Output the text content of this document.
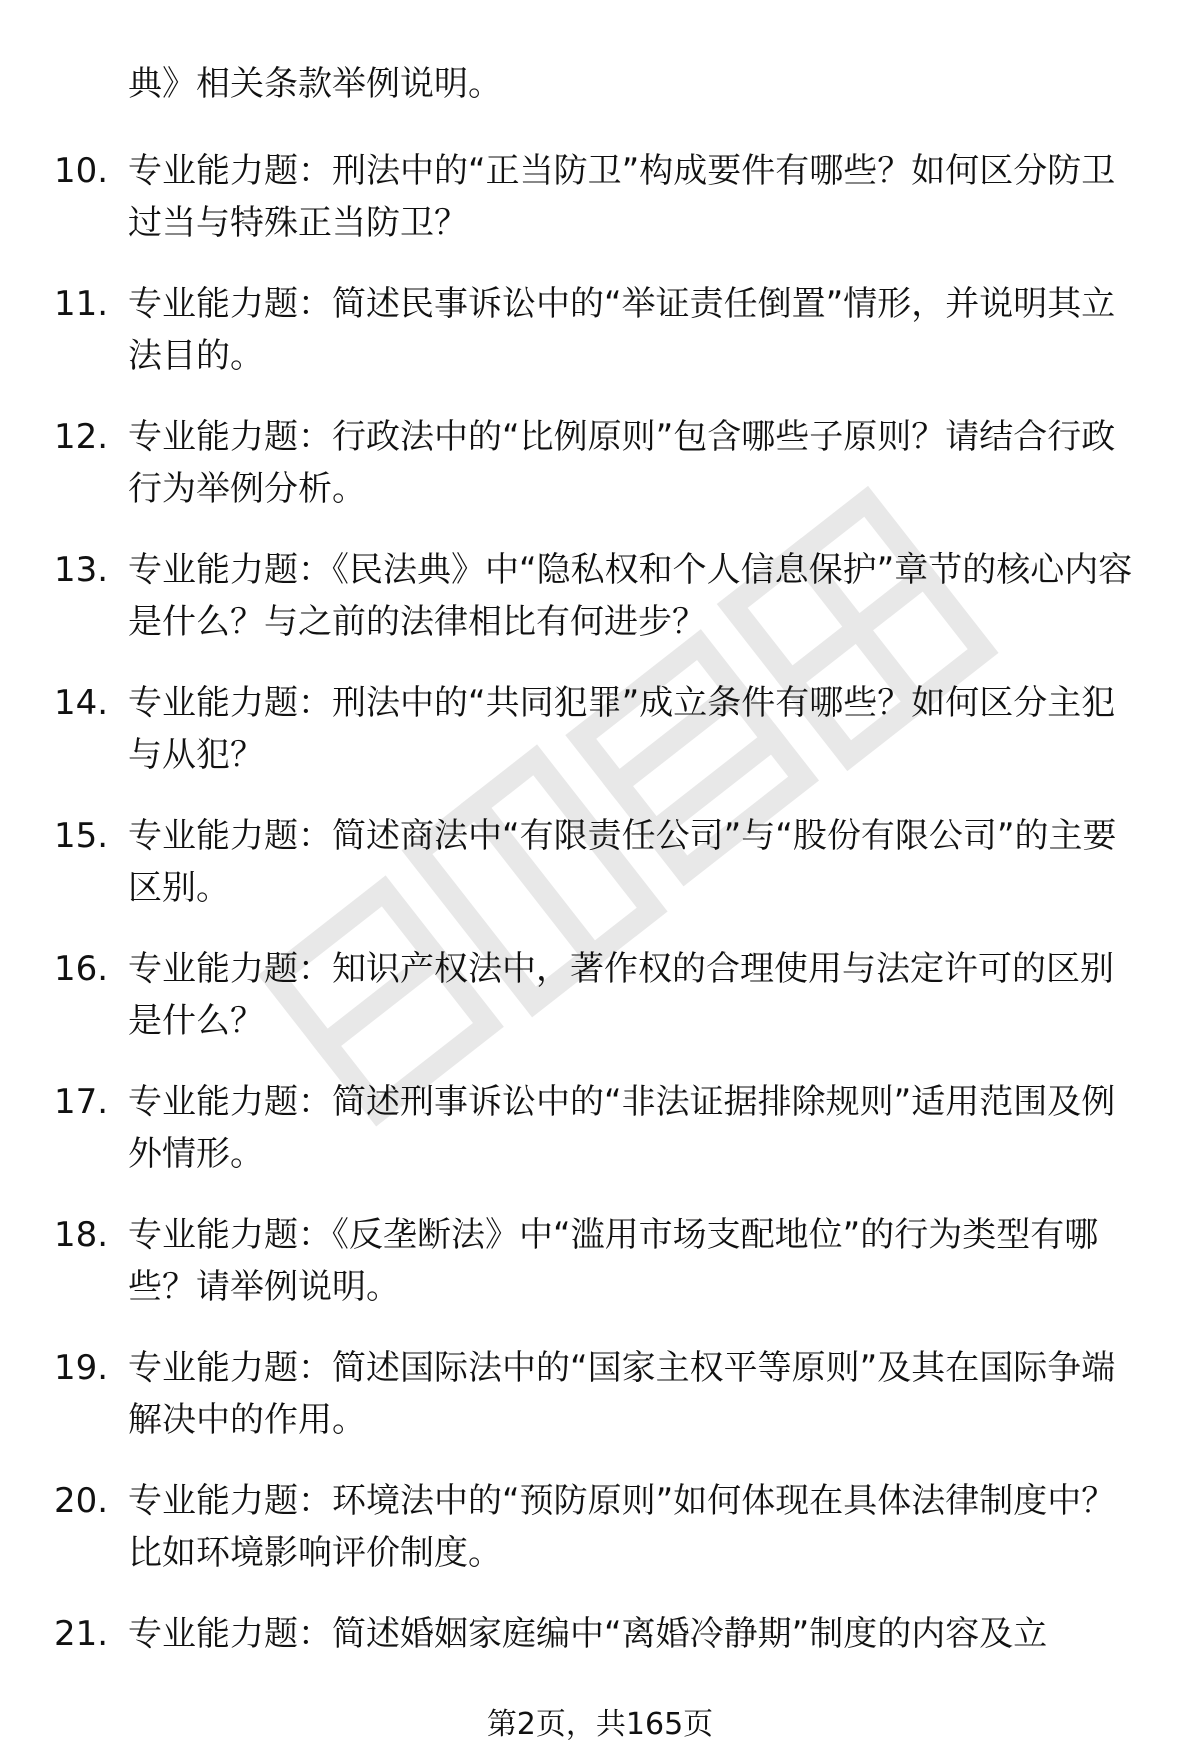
典》相关条款举例说明。
10. 专业能力题：刑法中的“正当防卫”构成要件有哪些？如何区分防卫过当与特殊正当防卫？
11. 专业能力题：简述民事诉讼中的“举证责任倒置”情形，并说明其立法目的。
12. 专业能力题：行政法中的“比例原则”包含哪些子原则？请结合行政行为举例分析。
13. 专业能力题：《民法典》中“隐私权和个人信息保护”章节的核心内容是什么？与之前的法律相比有何进步？
14. 专业能力题：刑法中的“共同犯罪”成立条件有哪些？如何区分主犯与从犯？
15. 专业能力题：简述商法中“有限责任公司”与“股份有限公司”的主要区别。
16. 专业能力题：知识产权法中，著作权的合理使用与法定许可的区别是什么？
17. 专业能力题：简述刑事诉讼中的“非法证据排除规则”适用范围及例外情形。
18. 专业能力题：《反垄断法》中“滥用市场支配地位”的行为类型有哪些？请举例说明。
19. 专业能力题：简述国际法中的“国家主权平等原则”及其在国际争端解决中的作用。
20. 专业能力题：环境法中的“预防原则”如何体现在具体法律制度中？比如环境影响评价制度。
21. 专业能力题：简述婚姻家庭编中“离婚冷静期”制度的内容及立
第2页，共165页
